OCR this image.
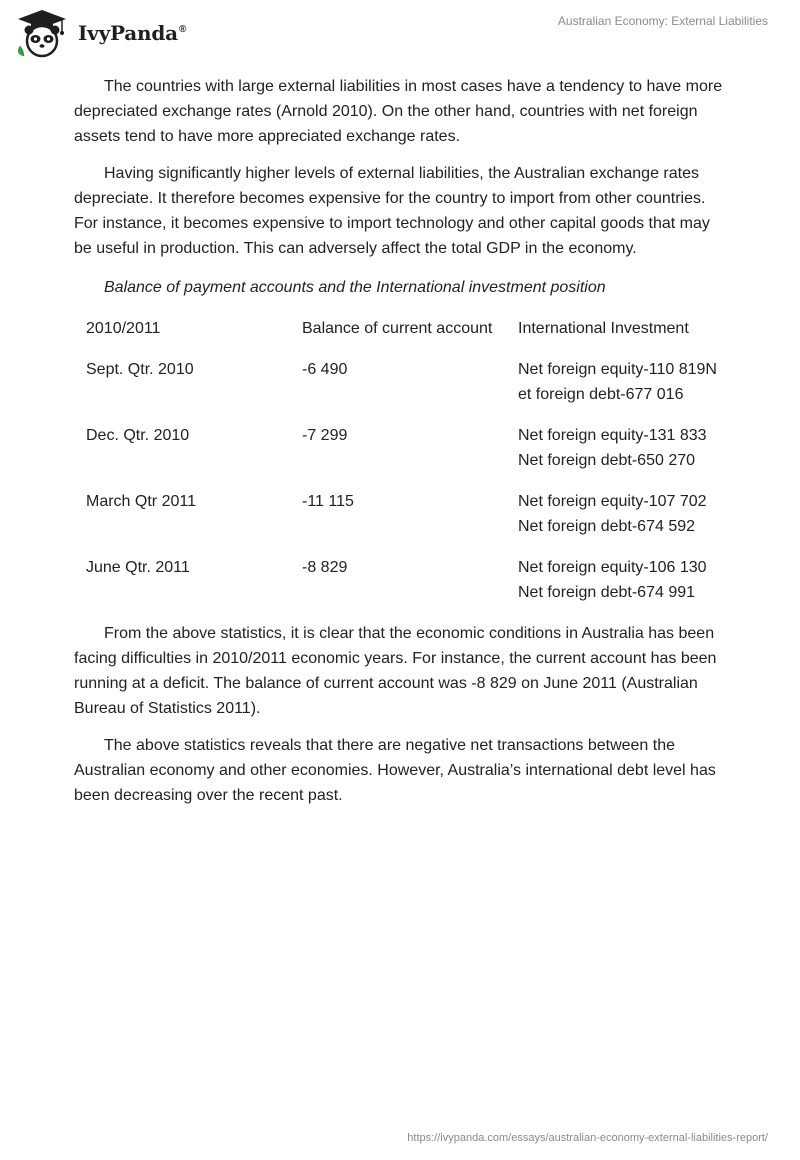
IvyPanda®
Australian Economy: External Liabilities

The countries with large external liabilities in most cases have a tendency to have more depreciated exchange rates (Arnold 2010). On the other hand, countries with net foreign assets tend to have more appreciated exchange rates.

Having significantly higher levels of external liabilities, the Australian exchange rates depreciate. It therefore becomes expensive for the country to import from other countries. For instance, it becomes expensive to import technology and other capital goods that may be useful in production. This can adversely affect the total GDP in the economy.

Balance of payment accounts and the International investment position

2010/2011	Balance of current account	International Investment
Sept. Qtr. 2010	-6 490	Net foreign equity-110 819Net foreign debt-677 016
Dec. Qtr. 2010	-7 299	Net foreign equity-131 833Net foreign debt-650 270
March Qtr 2011	-11 115	Net foreign equity-107 702Net foreign debt-674 592
June Qtr. 2011	-8 829	Net foreign equity-106 130Net foreign debt-674 991

From the above statistics, it is clear that the economic conditions in Australia has been facing difficulties in 2010/2011 economic years. For instance, the current account has been running at a deficit. The balance of current account was -8 829 on June 2011 (Australian Bureau of Statistics 2011).

The above statistics reveals that there are negative net transactions between the Australian economy and other economies. However, Australia’s international debt level has been decreasing over the recent past.

https://ivypanda.com/essays/australian-economy-external-liabilities-report/
